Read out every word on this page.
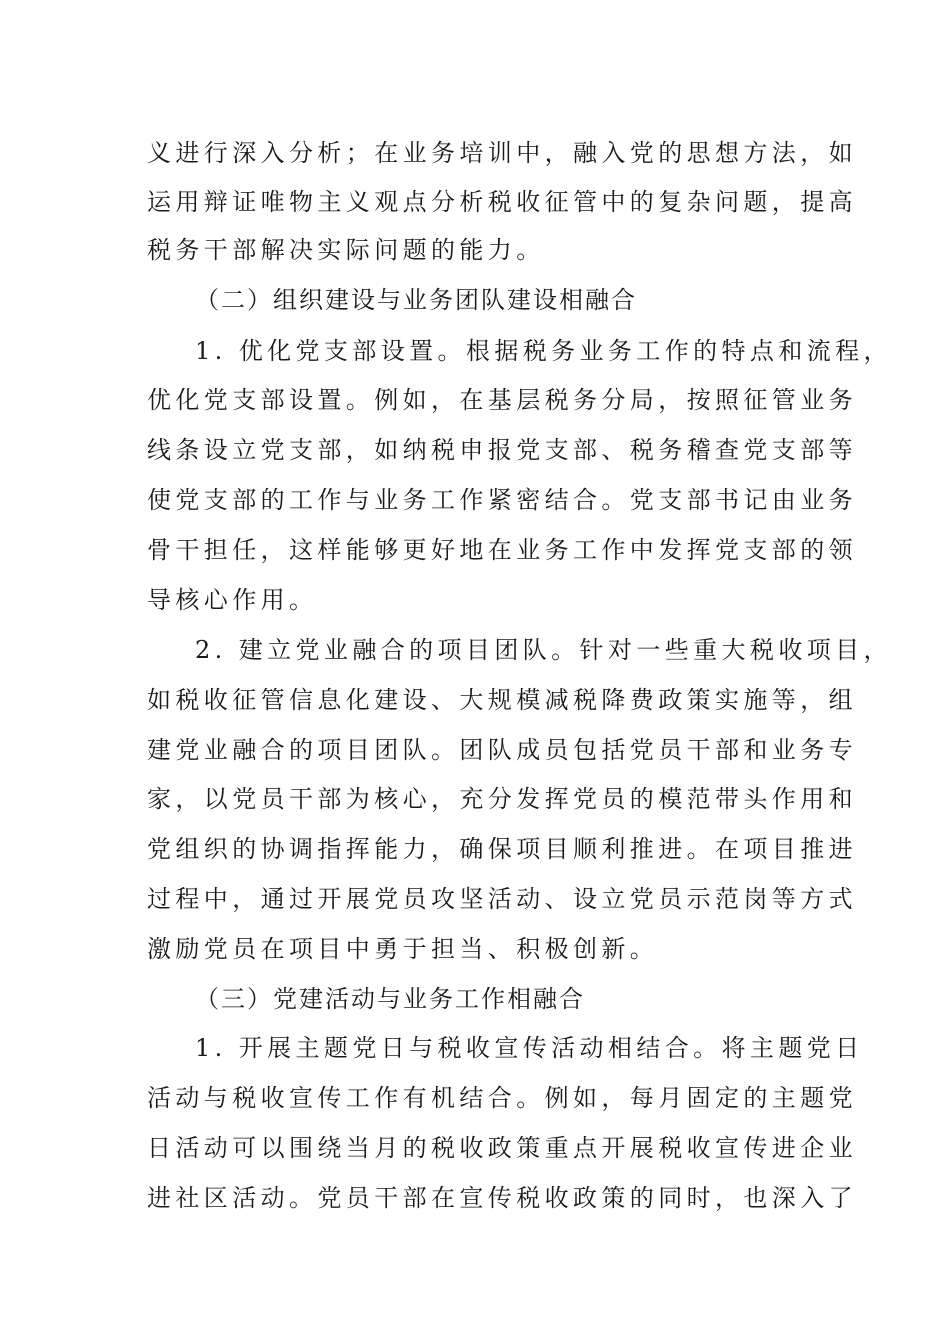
义进行深入分析；在业务培训中，融入党的思想方法，如
运用辩证唯物主义观点分析税收征管中的复杂问题，提高
税务干部解决实际问题的能力。
（二）组织建设与业务团队建设相融合
1. 优化党支部设置。根据税务业务工作的特点和流程，
优化党支部设置。例如，在基层税务分局，按照征管业务
线条设立党支部，如纳税申报党支部、税务稽查党支部等
使党支部的工作与业务工作紧密结合。党支部书记由业务
骨干担任，这样能够更好地在业务工作中发挥党支部的领
导核心作用。
2. 建立党业融合的项目团队。针对一些重大税收项目，
如税收征管信息化建设、大规模减税降费政策实施等，组
建党业融合的项目团队。团队成员包括党员干部和业务专
家，以党员干部为核心，充分发挥党员的模范带头作用和
党组织的协调指挥能力，确保项目顺利推进。在项目推进
过程中，通过开展党员攻坚活动、设立党员示范岗等方式
激励党员在项目中勇于担当、积极创新。
（三）党建活动与业务工作相融合
1. 开展主题党日与税收宣传活动相结合。将主题党日
活动与税收宣传工作有机结合。例如，每月固定的主题党
日活动可以围绕当月的税收政策重点开展税收宣传进企业
进社区活动。党员干部在宣传税收政策的同时，也深入了
